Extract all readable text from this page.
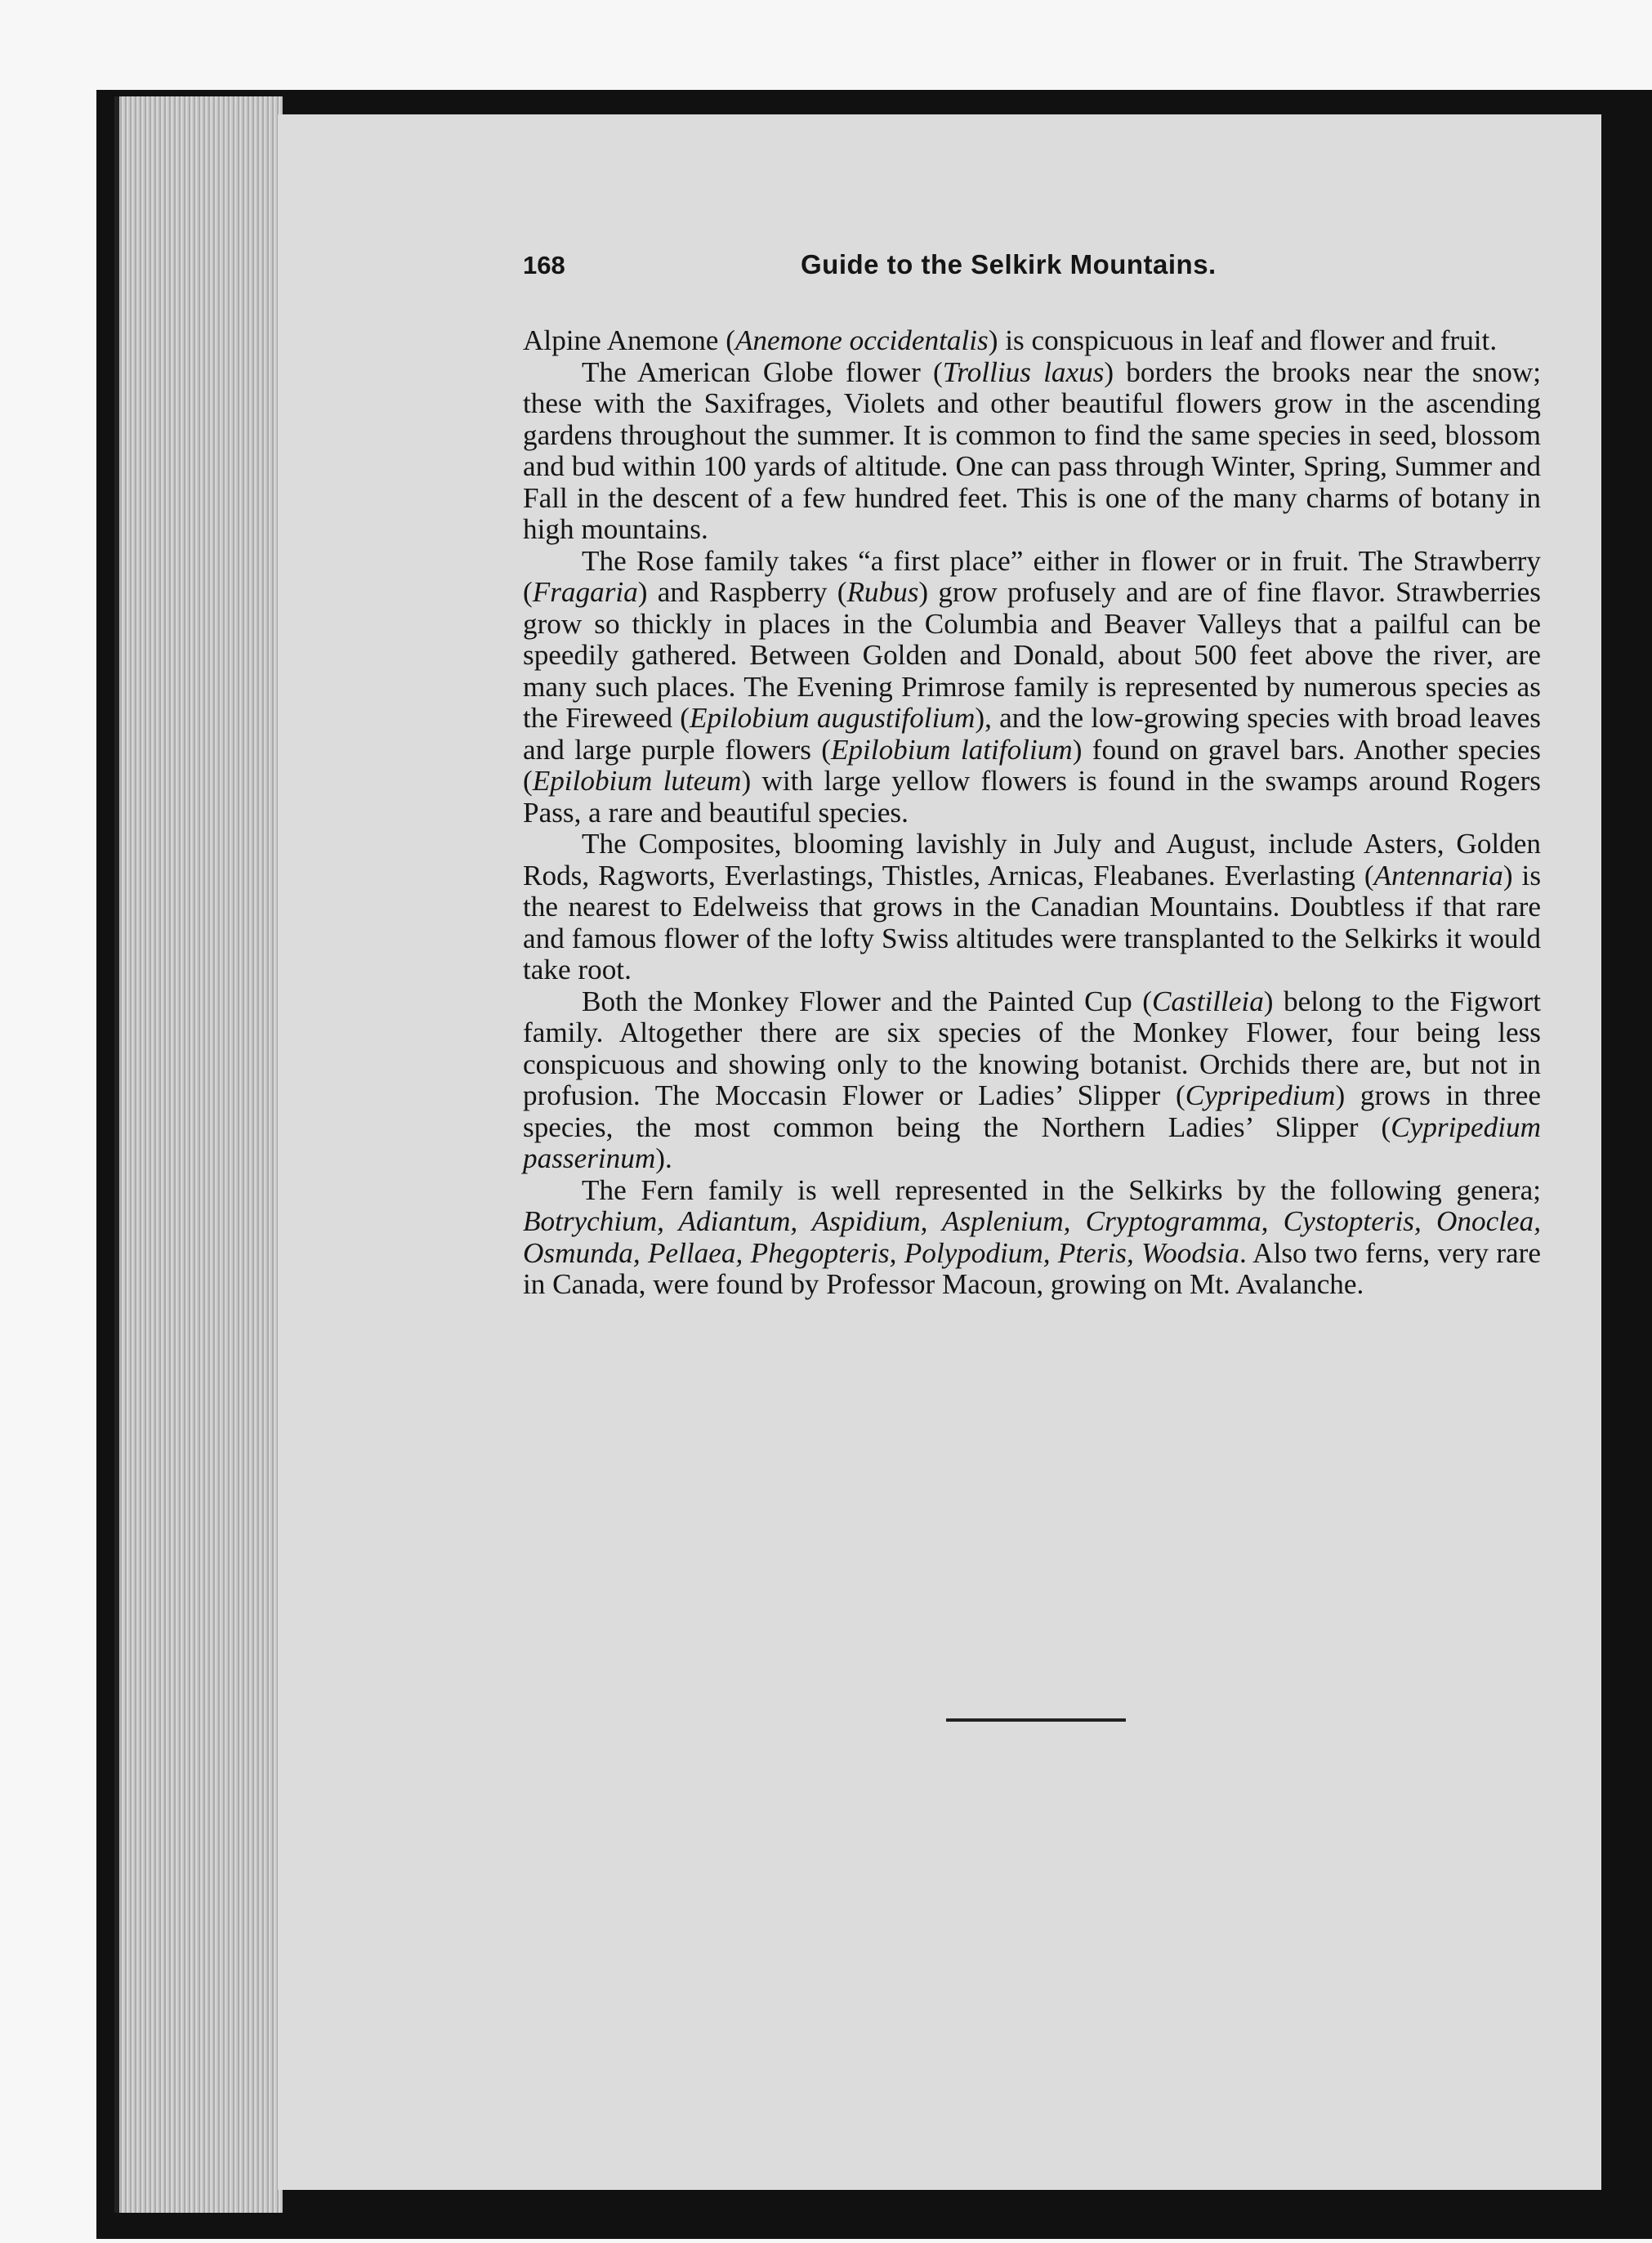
168	Guide to the Selkirk Mountains.

Alpine Anemone (Anemone occidentalis) is conspicuous in leaf and flower and fruit.

The American Globe flower (Trollius laxus) borders the brooks near the snow; these with the Saxifrages, Violets and other beautiful flowers grow in the ascending gardens throughout the summer. It is common to find the same species in seed, blossom and bud within 100 yards of altitude. One can pass through Winter, Spring, Summer and Fall in the descent of a few hundred feet. This is one of the many charms of botany in high mountains.

The Rose family takes “a first place” either in flower or in fruit. The Strawberry (Fragaria) and Raspberry (Rubus) grow profusely and are of fine flavor. Strawberries grow so thickly in places in the Columbia and Beaver Valleys that a pailful can be speedily gathered. Between Golden and Donald, about 500 feet above the river, are many such places. The Evening Primrose family is represented by numerous species as the Fireweed (Epilobium augustifolium), and the low-growing species with broad leaves and large purple flowers (Epilobium latifolium) found on gravel bars. Another species (Epilobium luteum) with large yellow flowers is found in the swamps around Rogers Pass, a rare and beautiful species.

The Composites, blooming lavishly in July and August, include Asters, Golden Rods, Ragworts, Everlastings, Thistles, Arnicas, Fleabanes. Everlasting (Antennaria) is the nearest to Edelweiss that grows in the Canadian Mountains. Doubtless if that rare and famous flower of the lofty Swiss altitudes were transplanted to the Selkirks it would take root.

Both the Monkey Flower and the Painted Cup (Castilleia) belong to the Figwort family. Altogether there are six species of the Monkey Flower, four being less conspicuous and showing only to the knowing botanist. Orchids there are, but not in profusion. The Moccasin Flower or Ladies’ Slipper (Cypripedium) grows in three species, the most common being the Northern Ladies’ Slipper (Cypripedium passerinum).

The Fern family is well represented in the Selkirks by the following genera; Botrychium, Adiantum, Aspidium, Asplenium, Cryptogramma, Cystopteris, Onoclea, Osmunda, Pellaea, Phegopteris, Polypodium, Pteris, Woodsia. Also two ferns, very rare in Canada, were found by Professor Macoun, growing on Mt. Avalanche.
